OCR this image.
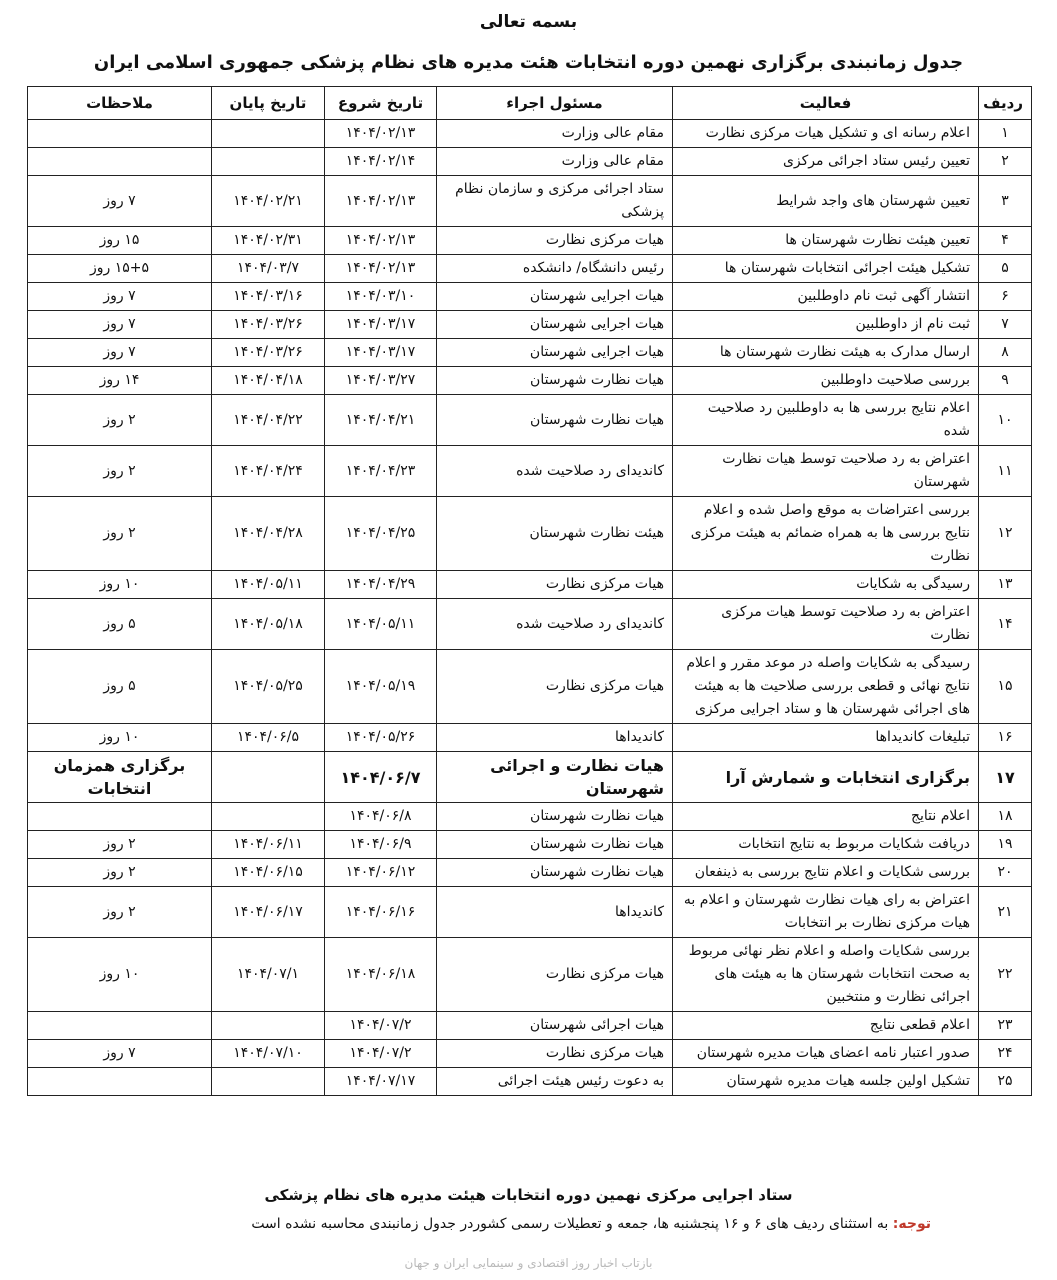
بسمه تعالی
جدول زمانبندی برگزاری نهمین دوره انتخابات هئت مدیره های نظام پزشکی جمهوری اسلامی ایران
ردیف	فعالیت	مسئول اجراء	تاریخ شروع	تاریخ پایان	ملاحظات
۱	اعلام رسانه ای و تشکیل هیات مرکزی نظارت	مقام عالی وزارت	۱۴۰۴/۰۲/۱۳		
۲	تعیین رئیس ستاد اجرائی مرکزی	مقام عالی وزارت	۱۴۰۴/۰۲/۱۴		
۳	تعیین شهرستان های واجد شرایط	ستاد اجرائی مرکزی و سازمان نظام پزشکی	۱۴۰۴/۰۲/۱۳	۱۴۰۴/۰۲/۲۱	۷ روز
۴	تعیین هیئت نظارت شهرستان ها	هیات مرکزی نظارت	۱۴۰۴/۰۲/۱۳	۱۴۰۴/۰۲/۳۱	۱۵ روز
۵	تشکیل هیئت اجرائی انتخابات شهرستان ها	رئیس دانشگاه/ دانشکده	۱۴۰۴/۰۲/۱۳	۱۴۰۴/۰۳/۷	۱۵+۵ روز
۶	انتشار آگهی ثبت نام داوطلبین	هیات اجرایی شهرستان	۱۴۰۴/۰۳/۱۰	۱۴۰۴/۰۳/۱۶	۷ روز
۷	ثبت نام از داوطلبین	هیات اجرایی شهرستان	۱۴۰۴/۰۳/۱۷	۱۴۰۴/۰۳/۲۶	۷ روز
۸	ارسال مدارک به هیئت نظارت شهرستان ها	هیات اجرایی شهرستان	۱۴۰۴/۰۳/۱۷	۱۴۰۴/۰۳/۲۶	۷ روز
۹	بررسی صلاحیت داوطلبین	هیات نظارت شهرستان	۱۴۰۴/۰۳/۲۷	۱۴۰۴/۰۴/۱۸	۱۴ روز
۱۰	اعلام نتایج بررسی ها به داوطلبین رد صلاحیت شده	هیات نظارت شهرستان	۱۴۰۴/۰۴/۲۱	۱۴۰۴/۰۴/۲۲	۲ روز
۱۱	اعتراض به رد صلاحیت توسط هیات نظارت شهرستان	کاندیدای رد صلاحیت شده	۱۴۰۴/۰۴/۲۳	۱۴۰۴/۰۴/۲۴	۲ روز
۱۲	بررسی اعتراضات به موقع واصل شده و اعلام نتایج بررسی ها به همراه ضمائم به هیئت مرکزی نظارت	هیئت نظارت شهرستان	۱۴۰۴/۰۴/۲۵	۱۴۰۴/۰۴/۲۸	۲ روز
۱۳	رسیدگی به شکایات	هیات مرکزی نظارت	۱۴۰۴/۰۴/۲۹	۱۴۰۴/۰۵/۱۱	۱۰ روز
۱۴	اعتراض به رد صلاحیت توسط هیات مرکزی نظارت	کاندیدای رد صلاحیت شده	۱۴۰۴/۰۵/۱۱	۱۴۰۴/۰۵/۱۸	۵ روز
۱۵	رسیدگی به شکایات واصله در موعد مقرر و اعلام نتایج نهائی و قطعی بررسی صلاحیت ها به هیئت های اجرائی شهرستان ها و ستاد اجرایی مرکزی	هیات مرکزی نظارت	۱۴۰۴/۰۵/۱۹	۱۴۰۴/۰۵/۲۵	۵ روز
۱۶	تبلیغات کاندیداها	کاندیداها	۱۴۰۴/۰۵/۲۶	۱۴۰۴/۰۶/۵	۱۰ روز
۱۷	برگزاری انتخابات و شمارش آرا	هیات نظارت و اجرائی شهرستان	۱۴۰۴/۰۶/۷		برگزاری همزمان انتخابات
۱۸	اعلام نتایج	هیات نظارت شهرستان	۱۴۰۴/۰۶/۸		
۱۹	دریافت شکایات مربوط به نتایج انتخابات	هیات نظارت شهرستان	۱۴۰۴/۰۶/۹	۱۴۰۴/۰۶/۱۱	۲ روز
۲۰	بررسی شکایات و اعلام نتایج بررسی به ذینفعان	هیات نظارت شهرستان	۱۴۰۴/۰۶/۱۲	۱۴۰۴/۰۶/۱۵	۲ روز
۲۱	اعتراض به رای هیات نظارت شهرستان و اعلام به هیات مرکزی نظارت بر انتخابات	کاندیداها	۱۴۰۴/۰۶/۱۶	۱۴۰۴/۰۶/۱۷	۲ روز
۲۲	بررسی شکایات واصله و اعلام نظر نهائی مربوط به صحت انتخابات شهرستان ها به هیئت های اجرائی نظارت و منتخبین	هیات مرکزی نظارت	۱۴۰۴/۰۶/۱۸	۱۴۰۴/۰۷/۱	۱۰ روز
۲۳	اعلام قطعی نتایج	هیات اجرائی شهرستان	۱۴۰۴/۰۷/۲		
۲۴	صدور اعتبار نامه اعضای هیات مدیره شهرستان	هیات مرکزی نظارت	۱۴۰۴/۰۷/۲	۱۴۰۴/۰۷/۱۰	۷ روز
۲۵	تشکیل اولین جلسه هیات مدیره شهرستان	به دعوت رئیس هیئت اجرائی	۱۴۰۴/۰۷/۱۷		
ستاد اجرایی مرکزی نهمین دوره انتخابات هیئت مدیره های نظام پزشکی
توجه: به استثنای ردیف های ۶ و ۱۶ پنجشنبه ها، جمعه و تعطیلات رسمی کشوردر جدول زمانبندی محاسبه نشده است
بازتاب اخبار روز اقتصادی و سینمایی ایران و جهان
